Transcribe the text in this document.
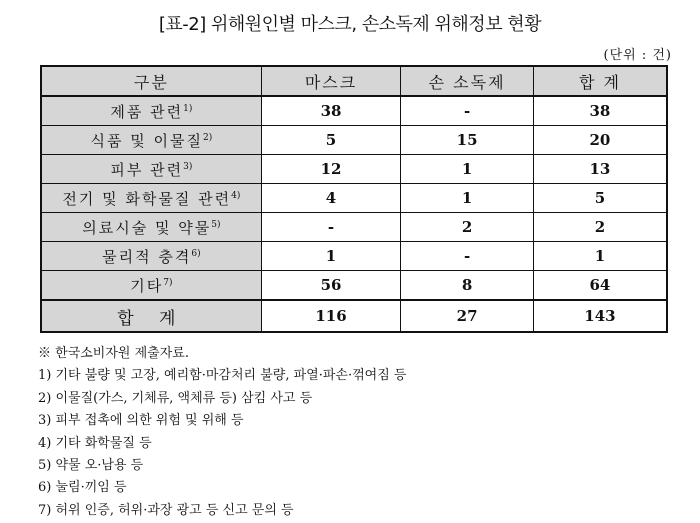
[표-2] 위해원인별 마스크, 손소독제 위해정보 현황
(단위 : 건)
구분	마스크	손 소독제	합 계
제품 관련$^{1)}$	38	-	38
식품 및 이물질$^{2)}$	5	15	20
피부 관련$^{3)}$	12	1	13
전기 및 화학물질 관련$^{4)}$	4	1	5
의료시술 및 약물$^{5)}$	-	2	2
물리적 충격$^{6)}$	1	-	1
기타$^{7)}$	56	8	64
합 계	116	27	143
※ 한국소비자원 제출자료.
1) 기타 불량 및 고장, 예리함·마감처리 불량, 파열·파손·꺾여짐 등
2) 이물질(가스, 기체류, 액체류 등) 삼킴 사고 등
3) 피부 접촉에 의한 위험 및 위해 등
4) 기타 화학물질 등
5) 약물 오·남용 등
6) 눌림·끼임 등
7) 허위 인증, 허위·과장 광고 등 신고 문의 등
